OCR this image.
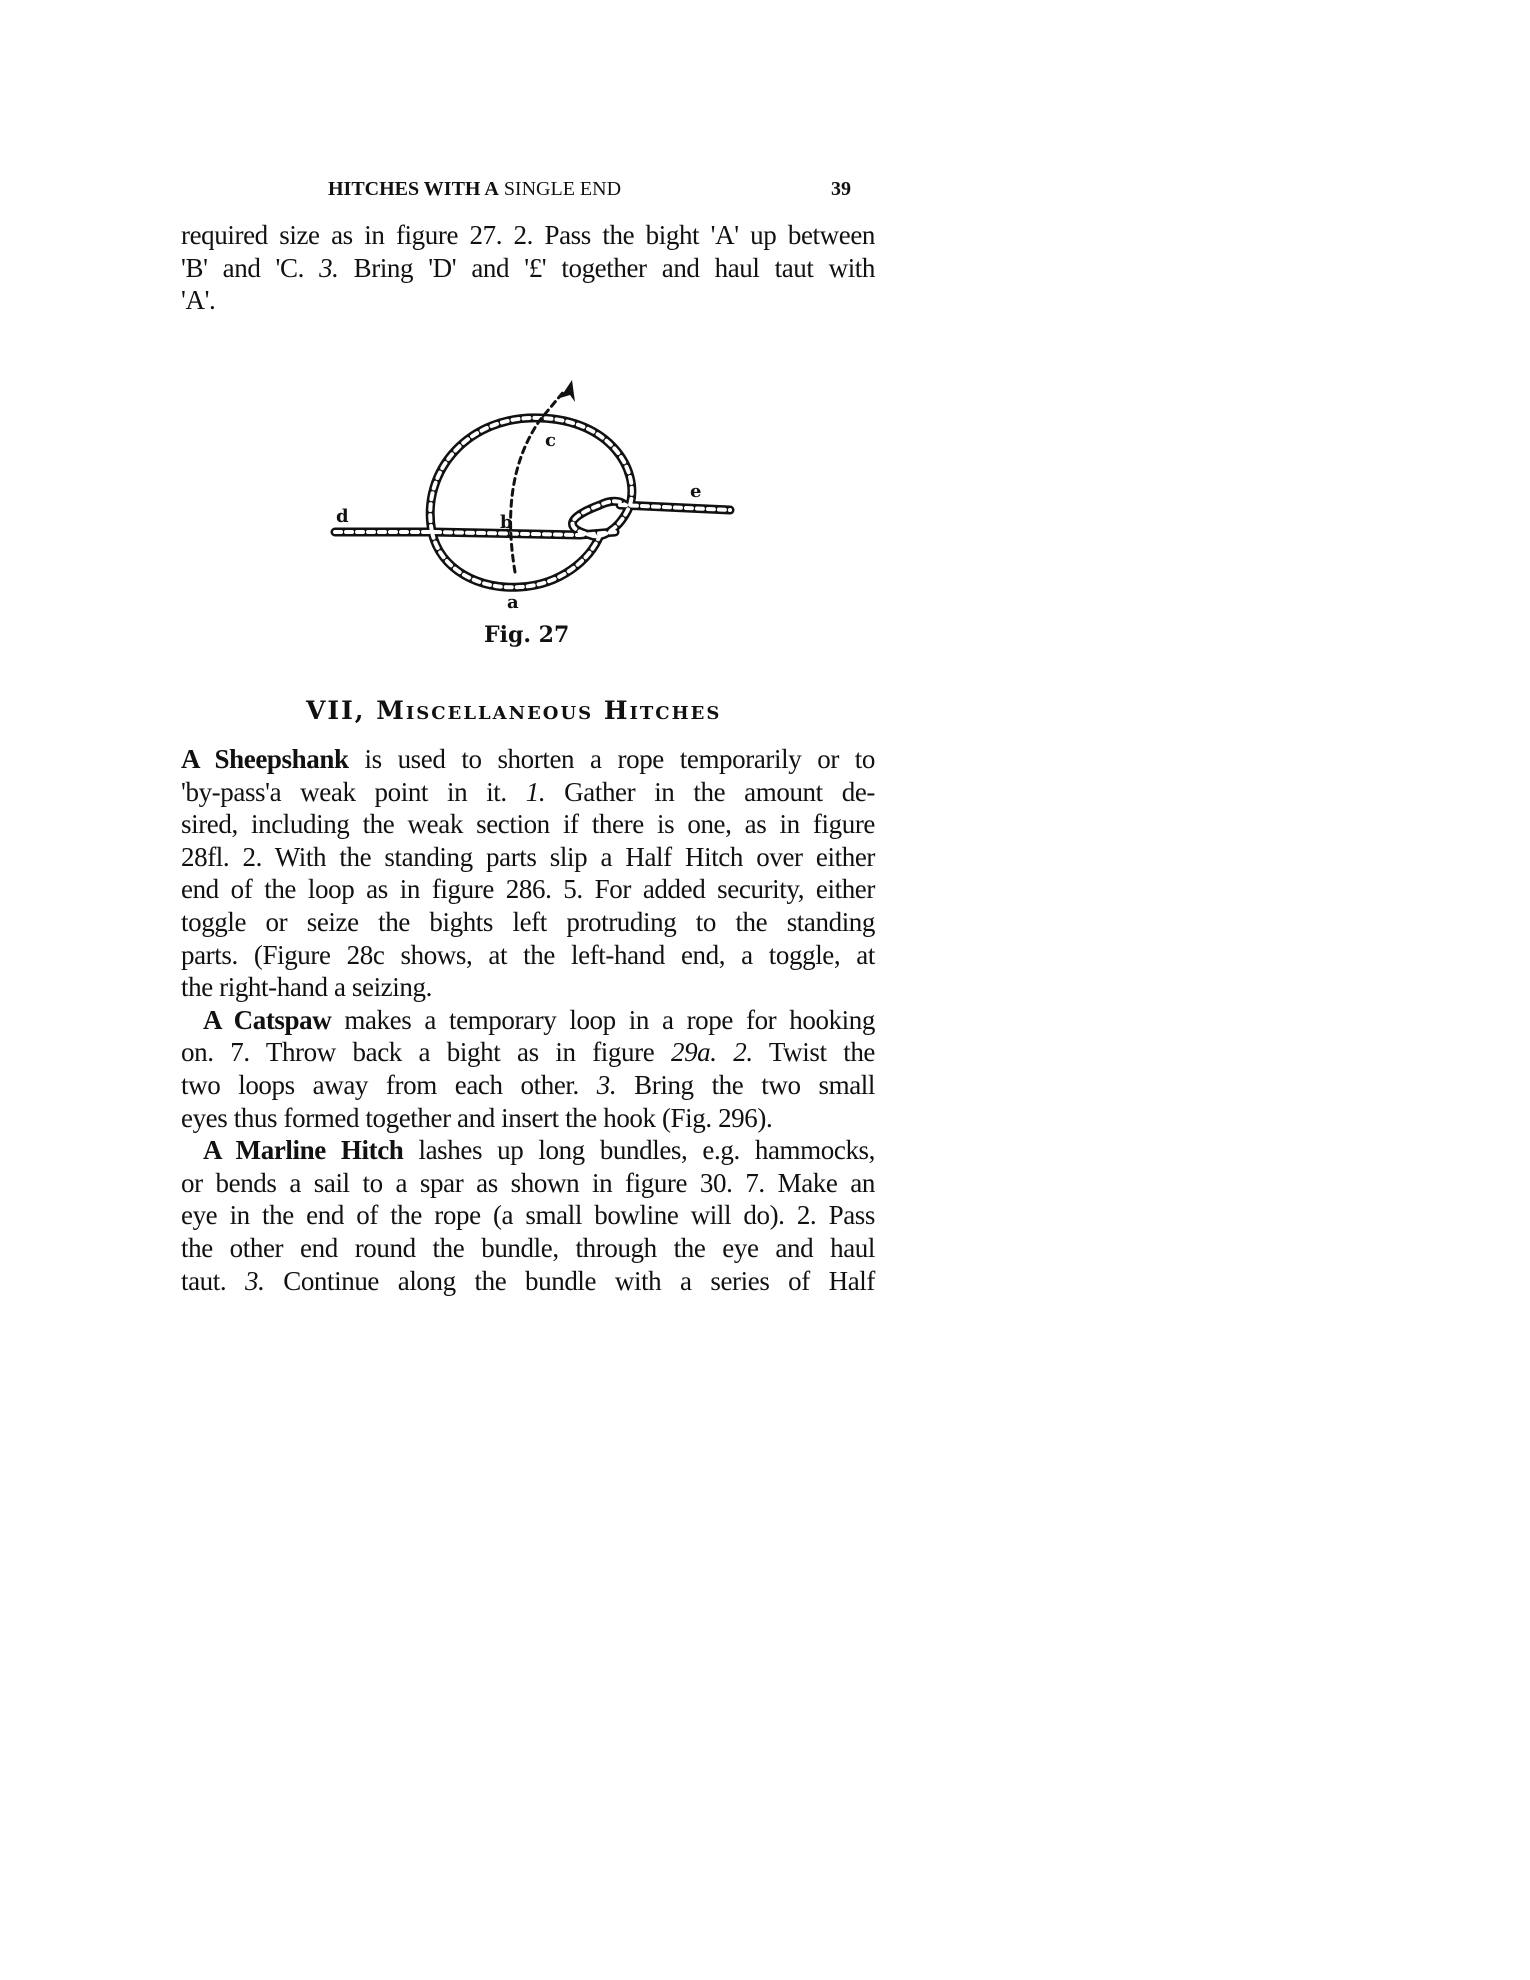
HITCHES WITH A SINGLE END	39
required size as in figure 27. 2. Pass the bight 'A' up between
'B' and 'C. 3. Bring 'D' and '£' together and haul taut with
'A'.
d	b
c
e
a
Fig. 27
VII, Miscellaneous Hitches
A Sheepshank is used to shorten a rope temporarily or to
'by-pass'a weak point in it. 1. Gather in the amount de-
sired, including the weak section if there is one, as in figure
28fl. 2. With the standing parts slip a Half Hitch over either
end of the loop as in figure 286. 5. For added security, either
toggle or seize the bights left protruding to the standing
parts. (Figure 28c shows, at the left-hand end, a toggle, at
the right-hand a seizing.
A Catspaw makes a temporary loop in a rope for hooking
on. 7. Throw back a bight as in figure 29a. 2. Twist the
two loops away from each other. 3. Bring the two small
eyes thus formed together and insert the hook (Fig. 296).
A Marline Hitch lashes up long bundles, e.g. hammocks,
or bends a sail to a spar as shown in figure 30. 7. Make an
eye in the end of the rope (a small bowline will do). 2. Pass
the other end round the bundle, through the eye and haul
taut. 3. Continue along the bundle with a series of Half
